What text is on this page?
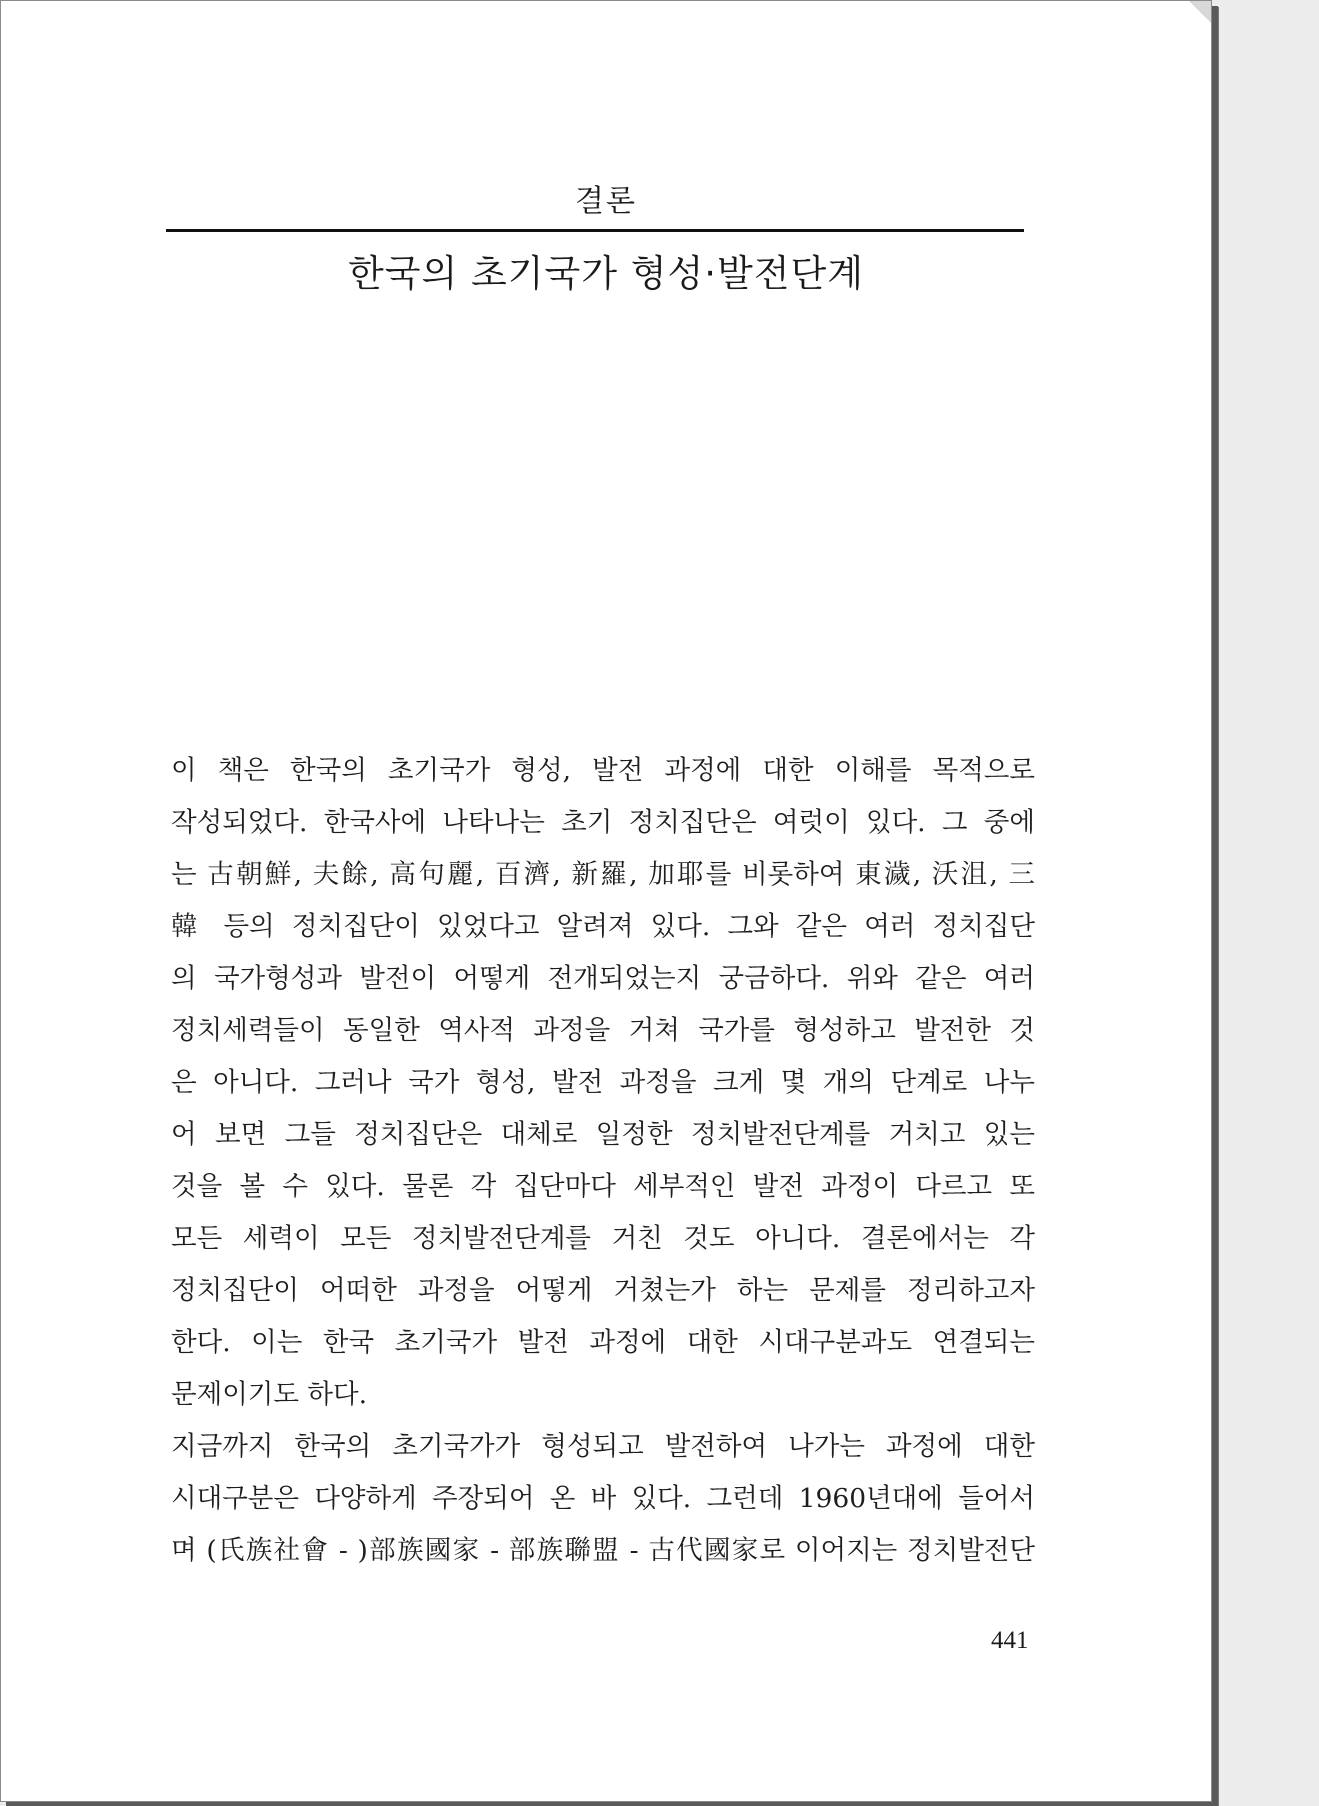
결론
한국의 초기국가 형성·발전단계
이 책은 한국의 초기국가 형성, 발전 과정에 대한 이해를 목적으로
작성되었다. 한국사에 나타나는 초기 정치집단은 여럿이 있다. 그 중에
는 古朝鮮, 夫餘, 高句麗, 百濟, 新羅, 加耶를 비롯하여 東濊, 沃沮, 三
韓 등의 정치집단이 있었다고 알려져 있다. 그와 같은 여러 정치집단
의 국가형성과 발전이 어떻게 전개되었는지 궁금하다. 위와 같은 여러
정치세력들이 동일한 역사적 과정을 거쳐 국가를 형성하고 발전한 것
은 아니다. 그러나 국가 형성, 발전 과정을 크게 몇 개의 단계로 나누
어 보면 그들 정치집단은 대체로 일정한 정치발전단계를 거치고 있는
것을 볼 수 있다. 물론 각 집단마다 세부적인 발전 과정이 다르고 또
모든 세력이 모든 정치발전단계를 거친 것도 아니다. 결론에서는 각
정치집단이 어떠한 과정을 어떻게 거쳤는가 하는 문제를 정리하고자
한다. 이는 한국 초기국가 발전 과정에 대한 시대구분과도 연결되는
문제이기도 하다.
지금까지 한국의 초기국가가 형성되고 발전하여 나가는 과정에 대한
시대구분은 다양하게 주장되어 온 바 있다. 그런데 1960년대에 들어서
며 (氏族社會 - )部族國家 - 部族聯盟 - 古代國家로 이어지는 정치발전단
441
